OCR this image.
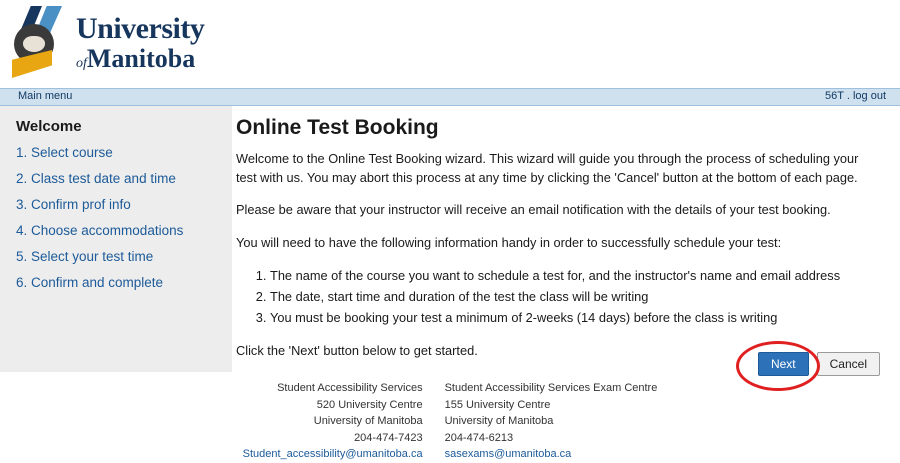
University
ofManitoba
Main menu	56T . log out
Welcome
1. Select course
2. Class test date and time
3. Confirm prof info
4. Choose accommodations
5. Select your test time
6. Confirm and complete
Online Test Booking

Welcome to the Online Test Booking wizard. This wizard will guide you through the process of scheduling your test with us. You may abort this process at any time by clicking the 'Cancel' button at the bottom of each page.

Please be aware that your instructor will receive an email notification with the details of your test booking.

You will need to have the following information handy in order to successfully schedule your test:

1. The name of the course you want to schedule a test for, and the instructor's name and email address
2. The date, start time and duration of the test the class will be writing
3. You must be booking your test a minimum of 2-weeks (14 days) before the class is writing

Click the 'Next' button below to get started.

Next	Cancel
Student Accessibility Services
520 University Centre
University of Manitoba
204-474-7423
Student_accessibility@umanitoba.ca
Student Accessibility Services Exam Centre
155 University Centre
University of Manitoba
204-474-6213
sasexams@umanitoba.ca
